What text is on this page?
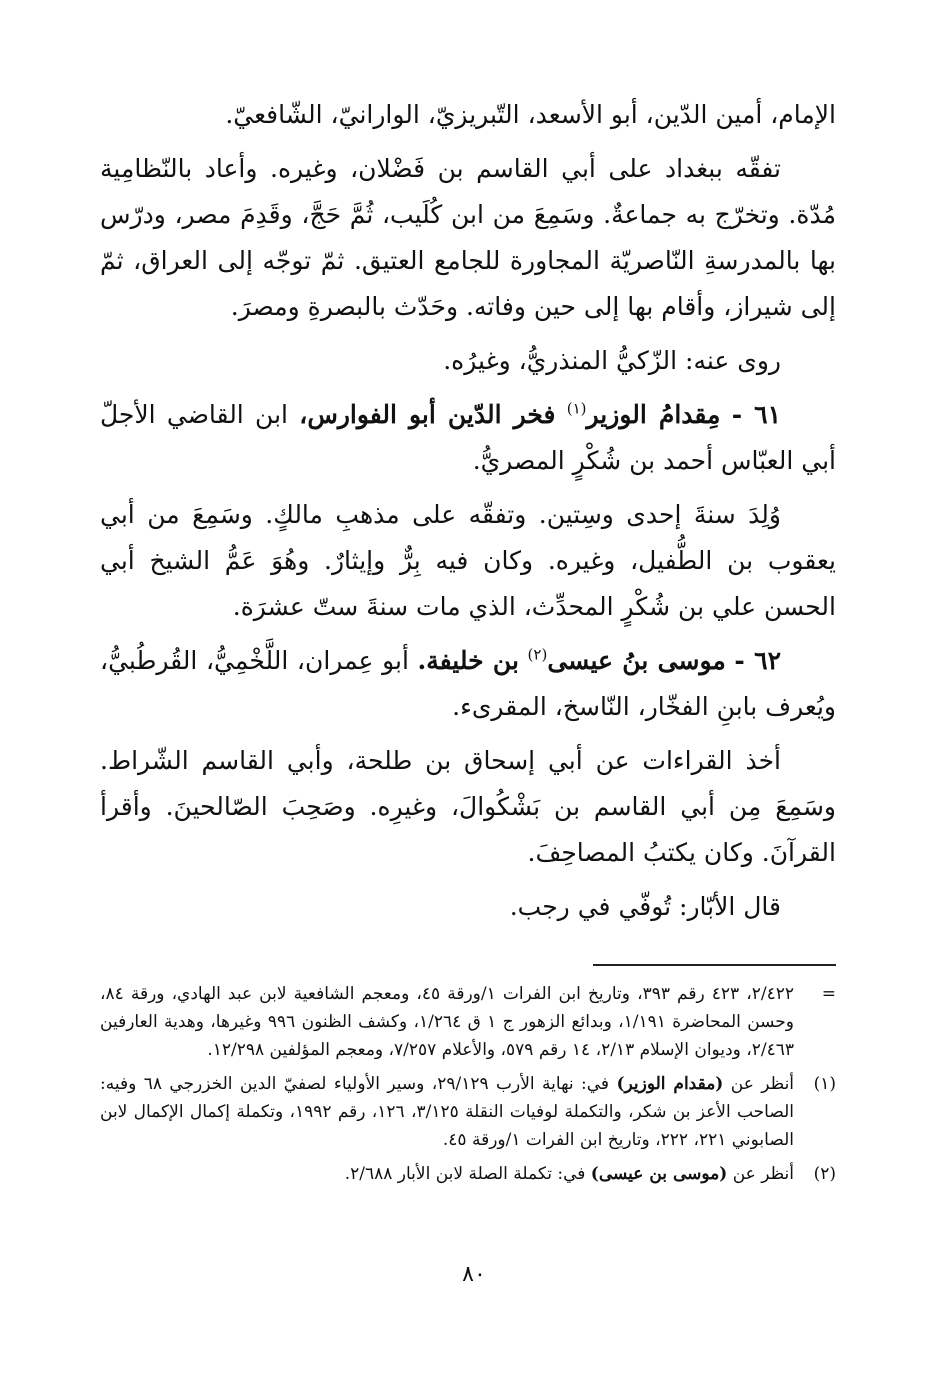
الإمام، أمين الدّين، أبو الأسعد، التّبريزيّ، الوارانيّ، الشّافعيّ.

تفقّه ببغداد على أبي القاسم بن فَضْلان، وغيره. وأعاد بالنّظامِية مُدّة. وتخرّج به جماعةٌ. وسَمِعَ من ابن كُلَيب، ثُمَّ حَجَّ، وقَدِمَ مصر، ودرّس بها بالمدرسةِ النّاصريّة المجاورة للجامع العتيق. ثمّ توجّه إلى العراق، ثمّ إلى شيراز، وأقام بها إلى حين وفاته. وحَدّث بالبصرةِ ومصرَ.

روى عنه: الزّكيُّ المنذريُّ، وغيرُه.

٦١ - مِقدامُ الوزير$^{(١)}$ فخر الدّين أبو الفوارس، ابن القاضي الأجلّ أبي العبّاس أحمد بن شُكْرٍ المصريُّ.

وُلِدَ سنةَ إحدى وسِتين. وتفقّه على مذهبِ مالكٍ. وسَمِعَ من أبي يعقوب بن الطُّفيل، وغيره. وكان فيه بِرٌّ وإيثارٌ. وهُوَ عَمُّ الشيخ أبي الحسن علي بن شُكْرٍ المحدِّث، الذي مات سنةَ ستّ عشرَة.

٦٢ - موسى بنُ عيسى$^{(٢)}$ بن خليفة. أبو عِمران، اللَّخْمِيُّ، القُرطُبيُّ، ويُعرف بابنِ الفخّار، النّاسخ، المقرىء.

أخذ القراءات عن أبي إسحاق بن طلحة، وأبي القاسم الشّراط. وسَمِعَ مِن أبي القاسم بن بَشْكُوالَ، وغيرِه. وصَحِبَ الصّالحينَ. وأقرأ القرآنَ. وكان يكتبُ المصاحِفَ.

قال الأبّار: تُوفّي في رجب.

=
٢/٤٢٢، ٤٢٣ رقم ٣٩٣، وتاريخ ابن الفرات ١/ورقة ٤٥، ومعجم الشافعية لابن عبد الهادي، ورقة ٨٤، وحسن المحاضرة ١/١٩١، وبدائع الزهور ج ١ ق ١/٢٦٤، وكشف الظنون ٩٩٦ وغيرها، وهدية العارفين ٢/٤٦٣، وديوان الإسلام ٢/١٣، ١٤ رقم ٥٧٩، والأعلام ٧/٢٥٧، ومعجم المؤلفين ١٢/٢٩٨.
(١)
أنظر عن (مقدام الوزير) في: نهاية الأرب ٢٩/١٢٩، وسير الأولياء لصفيّ الدين الخزرجي ٦٨ وفيه: الصاحب الأعز بن شكر، والتكملة لوفيات النقلة ٣/١٢٥، ١٢٦، رقم ١٩٩٢، وتكملة إكمال الإكمال لابن الصابوني ٢٢١، ٢٢٢، وتاريخ ابن الفرات ١/ورقة ٤٥.
(٢)
أنظر عن (موسى بن عيسى) في: تكملة الصلة لابن الأبار ٢/٦٨٨.
٨٠
